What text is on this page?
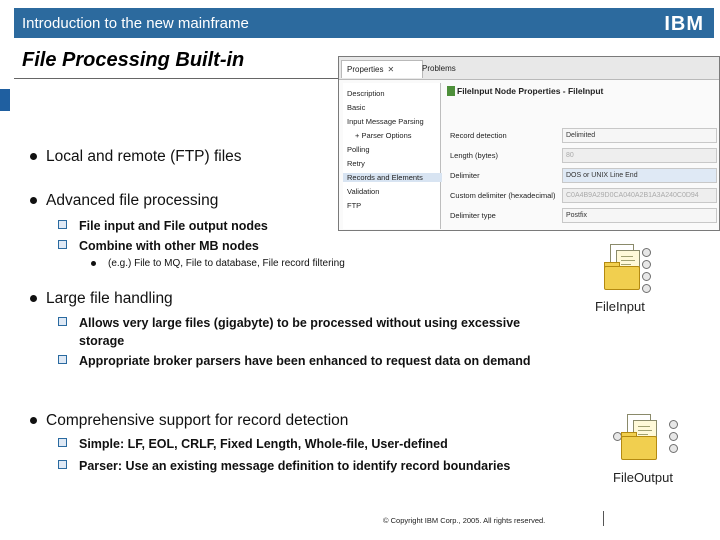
Introduction to the new mainframe	IBM
File Processing Built-in	Properties ✕	Problems
Description
Basic
Input Message Parsing
+ Parser Options
Polling
Retry
Records and Elements
Validation
FTP
FileInput Node Properties - FileInput
Record detection	Delimited
Length (bytes)	80
Delimiter	DOS or UNIX Line End
Custom delimiter (hexadecimal)	C0A4B9A29D0CA040A2B1A3A240C0D94
Delimiter type	Postfix
Local and remote (FTP) files
Advanced file processing
File input and File output nodes
Combine with other MB nodes
(e.g.) File to MQ, File to database, File record filtering
Large file handling
Allows very large files (gigabyte) to be processed without using excessive storage
Appropriate broker parsers have been enhanced to request data on demand
Comprehensive support for record detection
Simple: LF, EOL, CRLF, Fixed Length, Whole-file, User-defined
Parser: Use an existing message definition to identify record boundaries
FileInput
FileOutput
© Copyright IBM Corp., 2005. All rights reserved.
